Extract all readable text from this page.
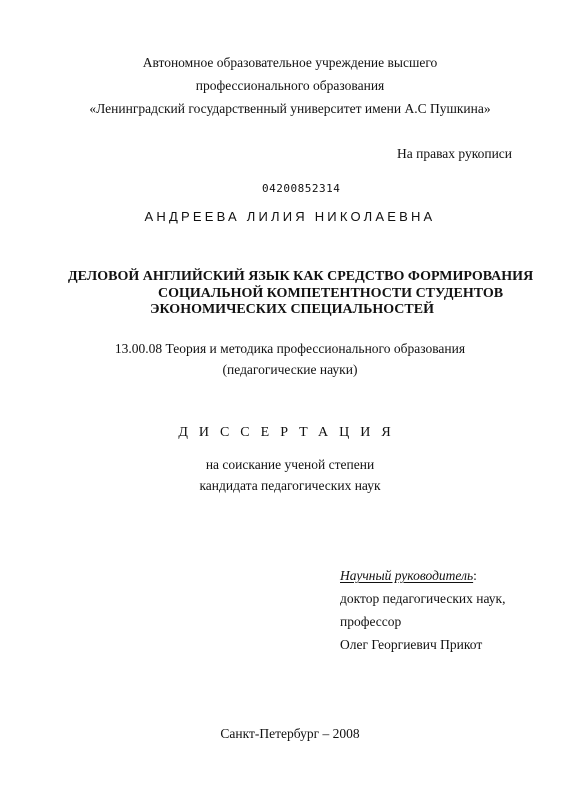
Автономное образовательное учреждение высшего
профессионального образования
«Ленинградский государственный университет имени А.С Пушкина»
На правах рукописи
04200852314
АНДРЕЕВА ЛИЛИЯ НИКОЛАЕВНА
ДЕЛОВОЙ АНГЛИЙСКИЙ ЯЗЫК КАК СРЕДСТВО ФОРМИРОВАНИЯ
СОЦИАЛЬНОЙ КОМПЕТЕНТНОСТИ СТУДЕНТОВ
ЭКОНОМИЧЕСКИХ СПЕЦИАЛЬНОСТЕЙ
13.00.08 Теория и методика профессионального образования
(педагогические науки)
ДИССЕРТАЦИЯ
на соискание ученой степени
кандидата педагогических наук
Научный руководитель:
доктор педагогических наук,
профессор
Олег Георгиевич Прикот
Санкт-Петербург – 2008
